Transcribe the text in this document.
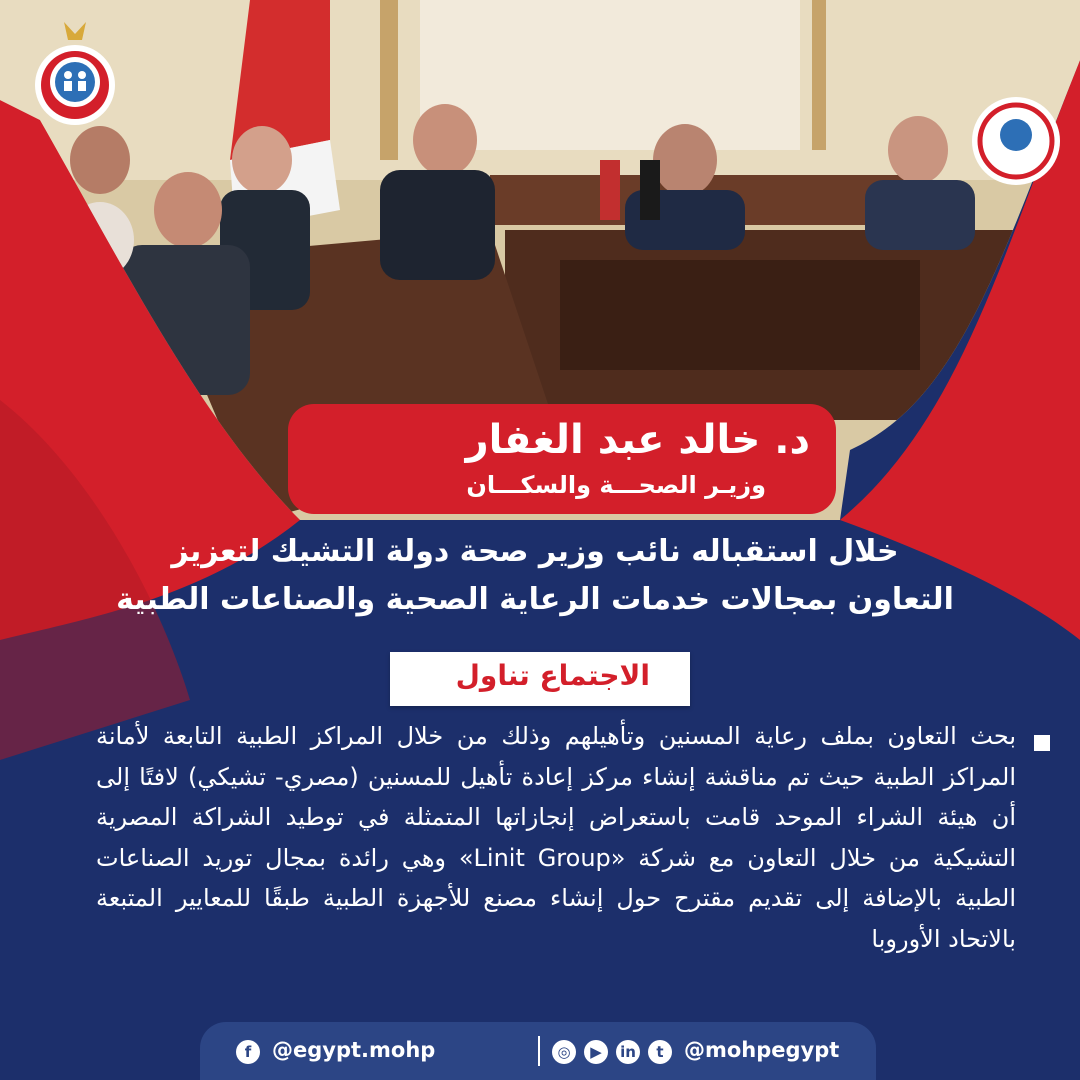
د. خالد عبد الغفار
وزيـر الصحـــة والسكـــان
خلال استقباله نائب وزير صحة دولة التشيك لتعزيز
التعاون بمجالات خدمات الرعاية الصحية والصناعات الطبية
الاجتماع تناول
بحث التعاون بملف رعاية المسنين وتأهيلهم وذلك من خلال المراكز الطبية التابعة لأمانة المراكز الطبية حيث تم مناقشة إنشاء مركز إعادة تأهيل للمسنين (مصري- تشيكي) لافتًا إلى أن هيئة الشراء الموحد قامت باستعراض إنجازاتها المتمثلة في توطيد الشراكة المصرية التشيكية من خلال التعاون مع شركة «Linit Group» وهي رائدة بمجال توريد الصناعات الطبية بالإضافة إلى تقديم مقترح حول إنشاء مصنع للأجهزة الطبية طبقًا للمعايير المتبعة بالاتحاد الأوروبا
f @egypt.mohp	◎	▶	in	t @mohpegypt
